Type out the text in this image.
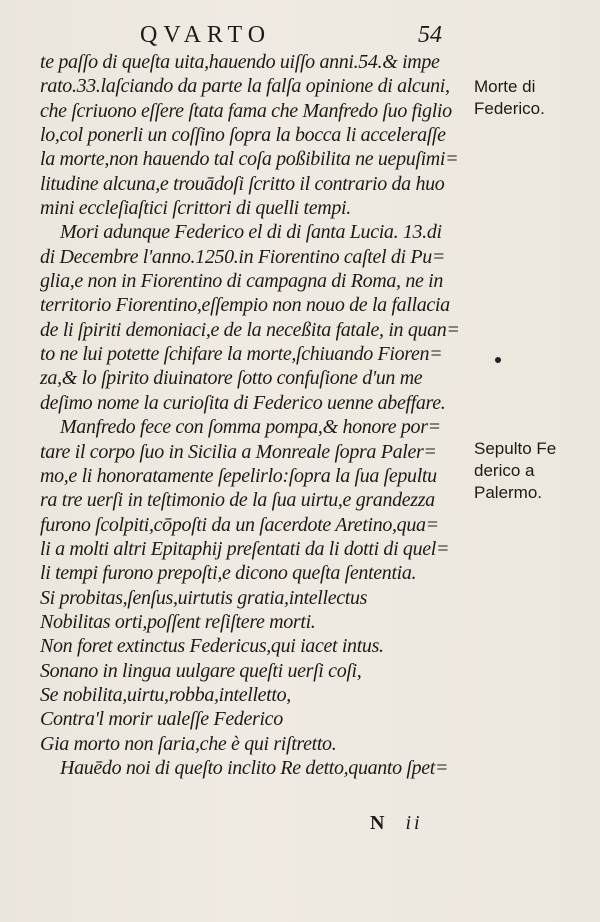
QVARTO	54
te paſſo di queſta uita,hauendo uiſſo anni.54.& impe
rato.33.laſciando da parte la falſa opinione di alcuni,
che ſcriuono eſſere ſtata fama che Manfredo ſuo figlio
lo,col ponerli un coſſino ſopra la bocca li acceleraſſe
la morte,non hauendo tal coſa poßibilita ne uериſimi=
litudine alcuna,e trouādoſi ſcritto il contrario da huo
mini eccleſiaſtici ſcrittori di quelli tempi.
Mori adunque Federico el di di ſanta Lucia. 13.di
di Decembre l'anno.1250.in Fiorentino caſtel di Pu=
glia,e non in Fiorentino di campagna di Roma, ne in
territorio Fiorentino,eſſempio non nouo de la fallacia
de li ſpiriti demoniaci,e de la neceßita fatale, in quan=
to ne lui potette ſchifare la morte,ſchiuando Fioren=
za,& lo ſpirito diuinatore ſotto confuſione d'un me
deſimo nome la curioſita di Federico uenne abeffare.
Manfredo fece con ſomma pompa,& honore por=
tare il corpo ſuo in Sicilia a Monreale ſopra Paler=
mo,e li honoratamente ſepelirlo:ſopra la ſua ſepultu
ra tre uerſi in teſtimonio de la ſua uirtu,e grandezza
furono ſcolpiti,cōpoſti da un ſacerdote Aretino,qua=
li a molti altri Epitaphij preſentati da li dotti di quel=
li tempi furono prepoſti,e dicono queſta ſententia.
Si probitas,ſenſus,uirtutis gratia,intellectus
Nobilitas orti,poſſent reſiſtere morti.
Non foret extinctus Federicus,qui iacet intus.
Sonano in lingua uulgare queſti uerſi coſi,
Se nobilita,uirtu,robba,intelletto,
Contra'l morir ualeſſe Federico
Gia morto non ſaria,che è qui riſtretto.
Hauēdo noi di queſto inclito Re detto,quanto ſpet=
Morte di
Federico.
Sepulto Fe
derico a
Palermo.
N ii
